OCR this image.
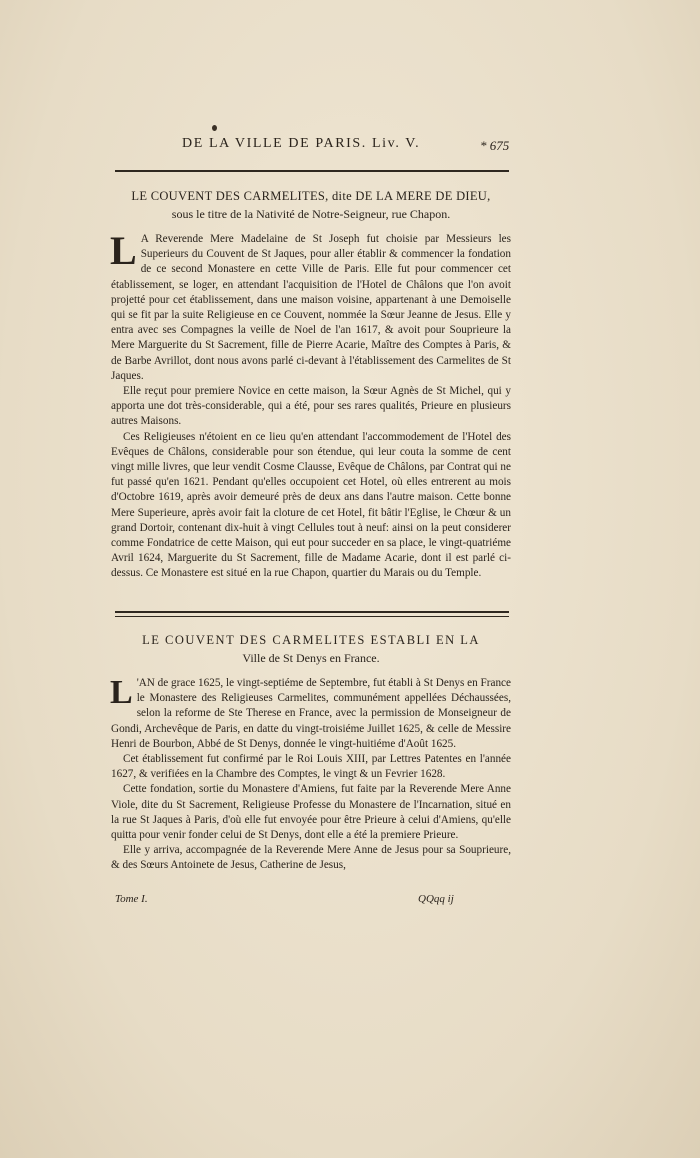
DE LA VILLE DE PARIS. Liv. V.	* 675
LE COUVENT DES CARMELITES, dite DE LA MERE DE DIEU,
sous le titre de la Nativité de Notre-Seigneur, rue Chapon.

L A Reverende Mere Madelaine de St Joseph fut choisie par Messieurs les Superieurs du Couvent de St Jaques, pour aller établir & commencer la fondation de ce second Monastere en cette Ville de Paris. Elle fut pour commencer cet établissement, se loger, en attendant l'acquisition de l'Hotel de Châlons que l'on avoit projetté pour cet établissement, dans une maison voisine, appartenant à une Demoiselle qui se fit par la suite Religieuse en ce Couvent, nommée la Sœur Jeanne de Jesus. Elle y entra avec ses Compagnes la veille de Noel de l'an 1617, & avoit pour Souprieure la Mere Marguerite du St Sacrement, fille de Pierre Acarie, Maître des Comptes à Paris, & de Barbe Avrillot, dont nous avons parlé ci-devant à l'établissement des Carmelites de St Jaques.

Elle reçut pour premiere Novice en cette maison, la Sœur Agnès de St Michel, qui y apporta une dot très-considerable, qui a été, pour ses rares qualités, Prieure en plusieurs autres Maisons.

Ces Religieuses n'étoient en ce lieu qu'en attendant l'accommodement de l'Hotel des Evêques de Châlons, considerable pour son étendue, qui leur couta la somme de cent vingt mille livres, que leur vendit Cosme Clausse, Evêque de Châlons, par Contrat qui ne fut passé qu'en 1621. Pendant qu'elles occupoient cet Hotel, où elles entrerent au mois d'Octobre 1619, après avoir demeuré près de deux ans dans l'autre maison. Cette bonne Mere Superieure, après avoir fait la cloture de cet Hotel, fit bâtir l'Eglise, le Chœur & un grand Dortoir, contenant dix-huit à vingt Cellules tout à neuf: ainsi on la peut considerer comme Fondatrice de cette Maison, qui eut pour succeder en sa place, le vingt-quatriéme Avril 1624, Marguerite du St Sacrement, fille de Madame Acarie, dont il est parlé ci-dessus. Ce Monastere est situé en la rue Chapon, quartier du Marais ou du Temple.

LE COUVENT DES CARMELITES ESTABLI EN LA
Ville de St Denys en France.

L 'AN de grace 1625, le vingt-septiéme de Septembre, fut établi à St Denys en France le Monastere des Religieuses Carmelites, communément appellées Déchaussées, selon la reforme de Ste Therese en France, avec la permission de Monseigneur de Gondi, Archevêque de Paris, en datte du vingt-troisiéme Juillet 1625, & celle de Messire Henri de Bourbon, Abbé de St Denys, donnée le vingt-huitiéme d'Août 1625.

Cet établissement fut confirmé par le Roi Louis XIII, par Lettres Patentes en l'année 1627, & verifiées en la Chambre des Comptes, le vingt & un Fevrier 1628.

Cette fondation, sortie du Monastere d'Amiens, fut faite par la Reverende Mere Anne Viole, dite du St Sacrement, Religieuse Professe du Monastere de l'Incarnation, situé en la rue St Jaques à Paris, d'où elle fut envoyée pour être Prieure à celui d'Amiens, qu'elle quitta pour venir fonder celui de St Denys, dont elle a été la premiere Prieure.

Elle y arriva, accompagnée de la Reverende Mere Anne de Jesus pour sa Souprieure, & des Sœurs Antoinete de Jesus, Catherine de Jesus,

Tome I.	QQqq ij
